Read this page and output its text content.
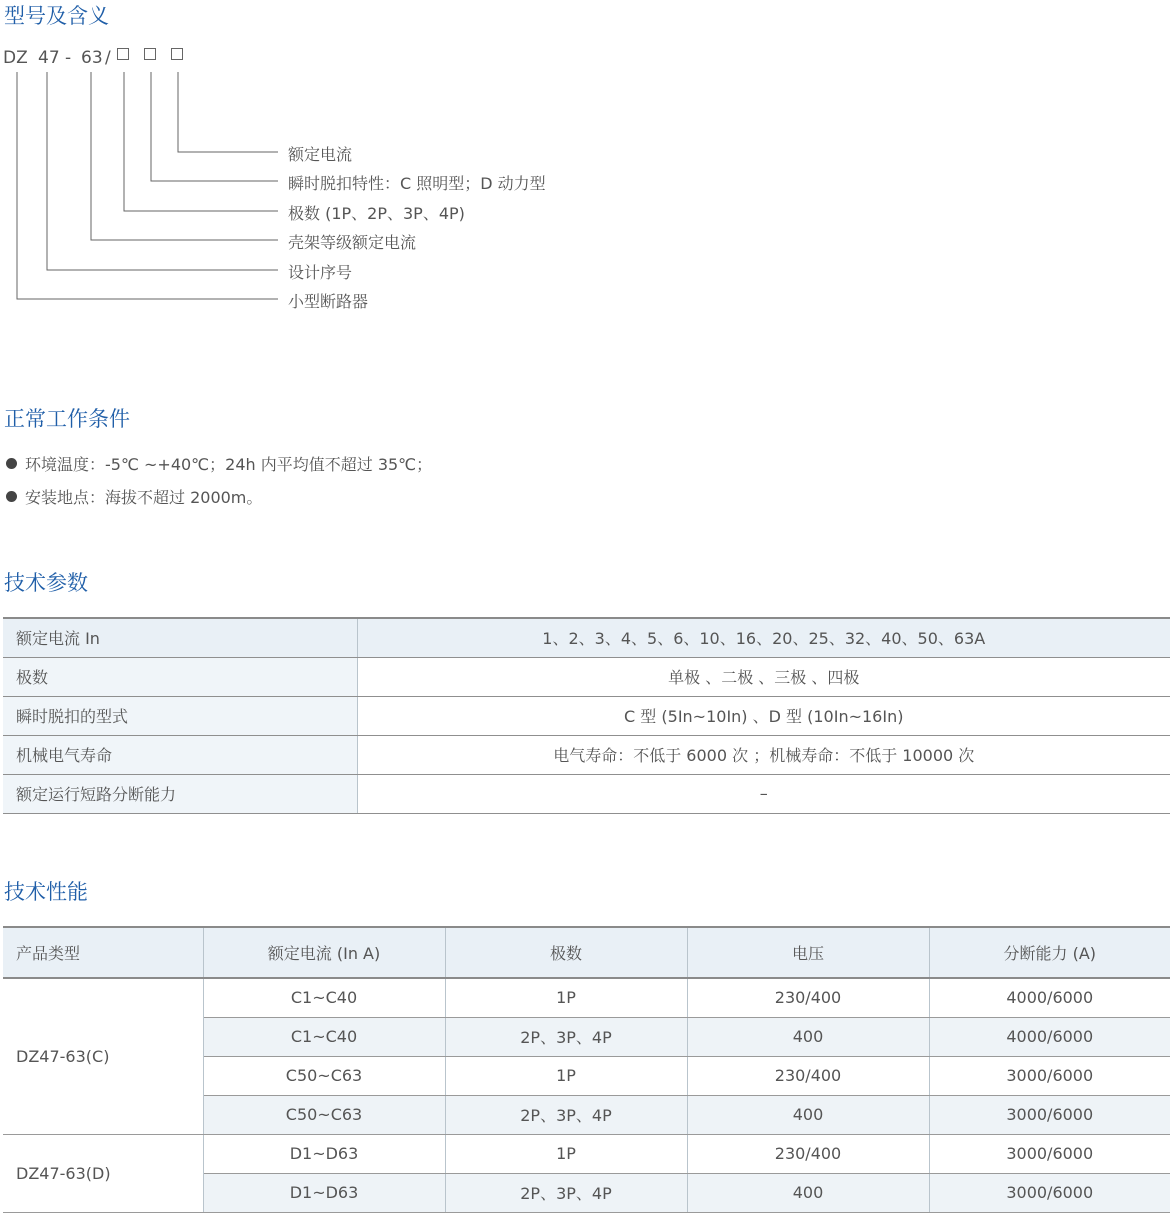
型号及含义
DZ 47 - 63 /
额定电流
瞬时脱扣特性：C 照明型；D 动力型
极数 (1P、2P、3P、4P)
壳架等级额定电流
设计序号
小型断路器
正常工作条件
环境温度：-5℃ ~+40℃；24h 内平均值不超过 35℃；
安装地点：海拔不超过 2000m。
技术参数
额定电流 In	1、2、3、4、5、6、10、16、20、25、32、40、50、63A
极数	单极 、二极 、三极 、四极
瞬时脱扣的型式	C 型 (5In~10In) 、D 型 (10In~16In)
机械电气寿命	电气寿命：不低于 6000 次 ；机械寿命：不低于 10000 次
额定运行短路分断能力	–
技术性能
产品类型	额定电流 (In A)	极数	电压	分断能力 (A)
DZ47-63(C)	C1~C40	1P	230/400	4000/6000
	C1~C40	2P、3P、4P	400	4000/6000
	C50~C63	1P	230/400	3000/6000
	C50~C63	2P、3P、4P	400	3000/6000
DZ47-63(D)	D1~D63	1P	230/400	3000/6000
	D1~D63	2P、3P、4P	400	3000/6000
